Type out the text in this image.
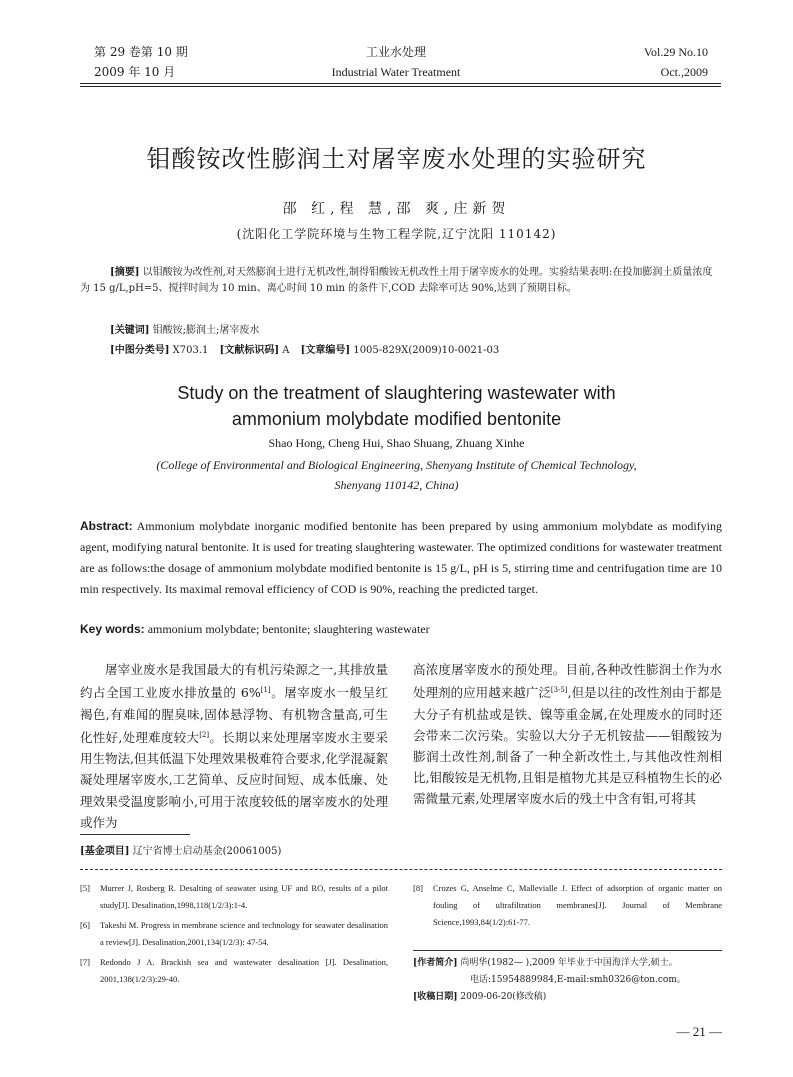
第 29 卷第 10 期
2009 年 10 月
工业水处理
Industrial Water Treatment
Vol.29 No.10
Oct.,2009
钼酸铵改性膨润土对屠宰废水处理的实验研究
邵 红,程 慧,邵 爽,庄新贺
(沈阳化工学院环境与生物工程学院,辽宁沈阳 110142)
[摘要] 以钼酸铵为改性剂,对天然膨润土进行无机改性,制得钼酸铵无机改性土用于屠宰废水的处理。实验结果表明:在投加膨润土质量浓度为 15 g/L,pH=5、搅拌时间为 10 min、离心时间 10 min 的条件下,COD 去除率可达 90%,达到了预期目标。
[关键词] 钼酸铵;膨润土;屠宰废水
[中图分类号] X703.1 [文献标识码] A [文章编号] 1005-829X(2009)10-0021-03
Study on the treatment of slaughtering wastewater with ammonium molybdate modified bentonite
Shao Hong, Cheng Hui, Shao Shuang, Zhuang Xinhe
(College of Environmental and Biological Engineering, Shenyang Institute of Chemical Technology,
Shenyang 110142, China)
Abstract: Ammonium molybdate inorganic modified bentonite has been prepared by using ammonium molybdate as modifying agent, modifying natural bentonite. It is used for treating slaughtering wastewater. The optimized conditions for wastewater treatment are as follows:the dosage of ammonium molybdate modified bentonite is 15 g/L, pH is 5, stirring time and centrifugation time are 10 min respectively. Its maximal removal efficiency of COD is 90%, reaching the predicted target.
Key words: ammonium molybdate; bentonite; slaughtering wastewater

屠宰业废水是我国最大的有机污染源之一,其排放量约占全国工业废水排放量的 6%[1]。屠宰废水一般呈红褐色,有难闻的腥臭味,固体悬浮物、有机物含量高,可生化性好,处理难度较大[2]。长期以来处理屠宰废水主要采用生物法,但其低温下处理效果极难符合要求,化学混凝絮凝处理屠宰废水,工艺简单、反应时间短、成本低廉、处理效果受温度影响小,可用于浓度较低的屠宰废水的处理或作为

高浓度屠宰废水的预处理。目前,各种改性膨润土作为水处理剂的应用越来越广泛[3-5],但是以往的改性剂由于都是大分子有机盐或是铁、镍等重金属,在处理废水的同时还会带来二次污染。实验以大分子无机铵盐——钼酸铵为膨润土改性剂,制备了一种全新改性土,与其他改性剂相比,钼酸铵是无机物,且钼是植物尤其是豆科植物生长的必需微量元素,处理屠宰废水后的残土中含有钼,可将其
[基金项目] 辽宁省博士启动基金(20061005)
[5]	Murrer J, Rosberg R. Desalting of seawater using UF and RO, results of a pilot study[J]. Desalination,1998,118(1/2/3):1-4.
[6]	Takeshi M. Progress in membrane science and technology for seawater desalination a review[J]. Desalination,2001,134(1/2/3): 47-54.
[7]	Redondo J A. Brackish sea and wastewater desalination [J]. Desalination, 2001,138(1/2/3):29-40.
[8]	Crozes G, Anselme C, Mallevialle J. Effect of adsorption of organic matter on fouling of ultrafiltration membranes[J]. Journal of Membrane Science,1993,84(1/2):61-77.
[作者简介] 尚明华(1982— ),2009 年毕业于中国海洋大学,硕士。
电话:15954889984,E-mail:smh0326@ton.com。
[收稿日期] 2009-06-20(修改稿)
— 21 —
